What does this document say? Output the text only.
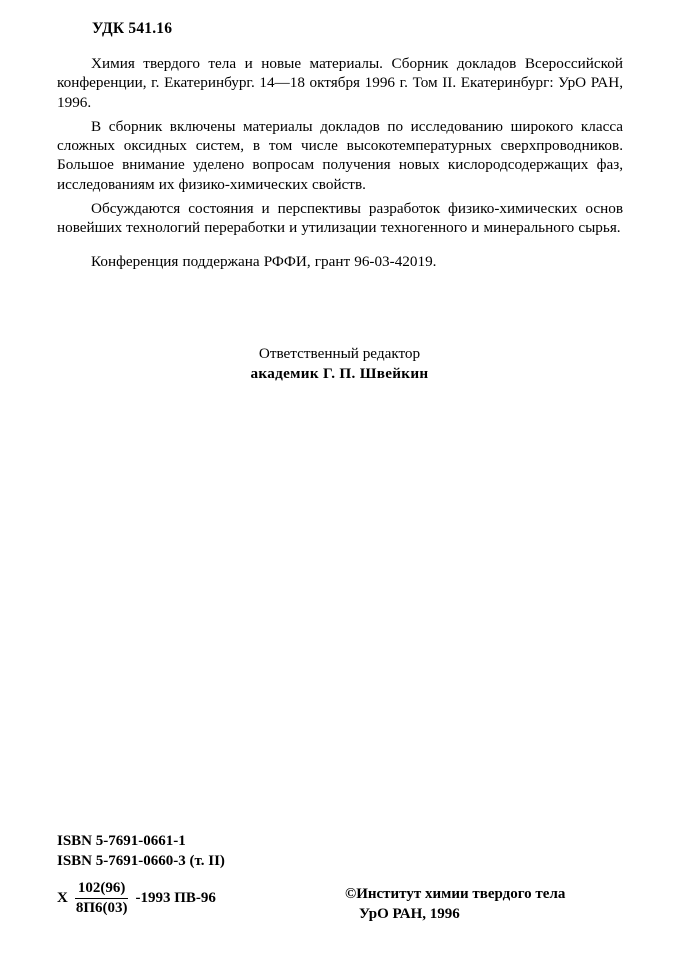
УДК 541.16

Химия твердого тела и новые материалы. Сборник докладов Всероссийской конференции, г. Екатеринбург. 14—18 октября 1996 г. Том II. Екатеринбург: УрО РАН, 1996.

В сборник включены материалы докладов по исследованию широкого класса сложных оксидных систем, в том числе высокотемпературных сверхпроводников. Большое внимание уделено вопросам получения новых кислородсодержащих фаз, исследованиям их физико-химических свойств.

Обсуждаются состояния и перспективы разработок физико-химических основ новейших технологий переработки и утилизации техногенного и минерального сырья.

Конференция поддержана РФФИ, грант 96-03-42019.

Ответственный редактор
академик Г. П. Швейкин
ISBN 5-7691-0661-1
ISBN 5-7691-0660-3 (т. II)
X $\frac{102(96)}{8П6(03)} -1993$ ПВ-96	©Институт химии твердого тела
УрО РАН, 1996
